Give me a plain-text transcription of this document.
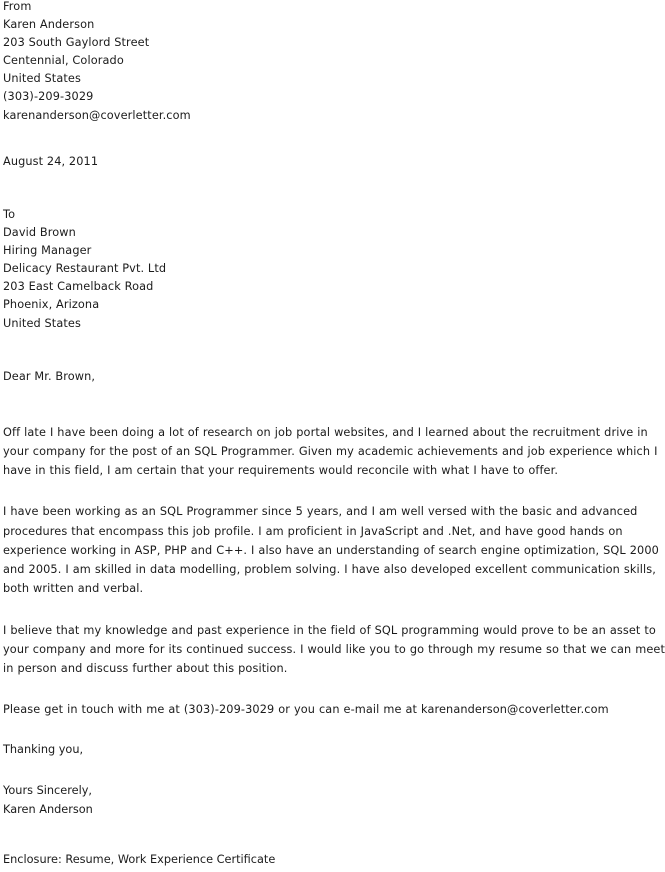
From
Karen Anderson
203 South Gaylord Street
Centennial, Colorado
United States
(303)-209-3029
karenanderson@coverletter.com
August 24, 2011
To
David Brown
Hiring Manager
Delicacy Restaurant Pvt. Ltd
203 East Camelback Road
Phoenix, Arizona
United States
Dear Mr. Brown,
Off late I have been doing a lot of research on job portal websites, and I learned about the recruitment drive in your company for the post of an SQL Programmer. Given my academic achievements and job experience which I have in this field, I am certain that your requirements would reconcile with what I have to offer.
I have been working as an SQL Programmer since 5 years, and I am well versed with the basic and advanced procedures that encompass this job profile. I am proficient in JavaScript and .Net, and have good hands on experience working in ASP, PHP and C++. I also have an understanding of search engine optimization, SQL 2000 and 2005. I am skilled in data modelling, problem solving. I have also developed excellent communication skills, both written and verbal.
I believe that my knowledge and past experience in the field of SQL programming would prove to be an asset to your company and more for its continued success. I would like you to go through my resume so that we can meet in person and discuss further about this position.
Please get in touch with me at (303)-209-3029 or you can e-mail me at karenanderson@coverletter.com
Thanking you,
Yours Sincerely,
Karen Anderson
Enclosure: Resume, Work Experience Certificate
